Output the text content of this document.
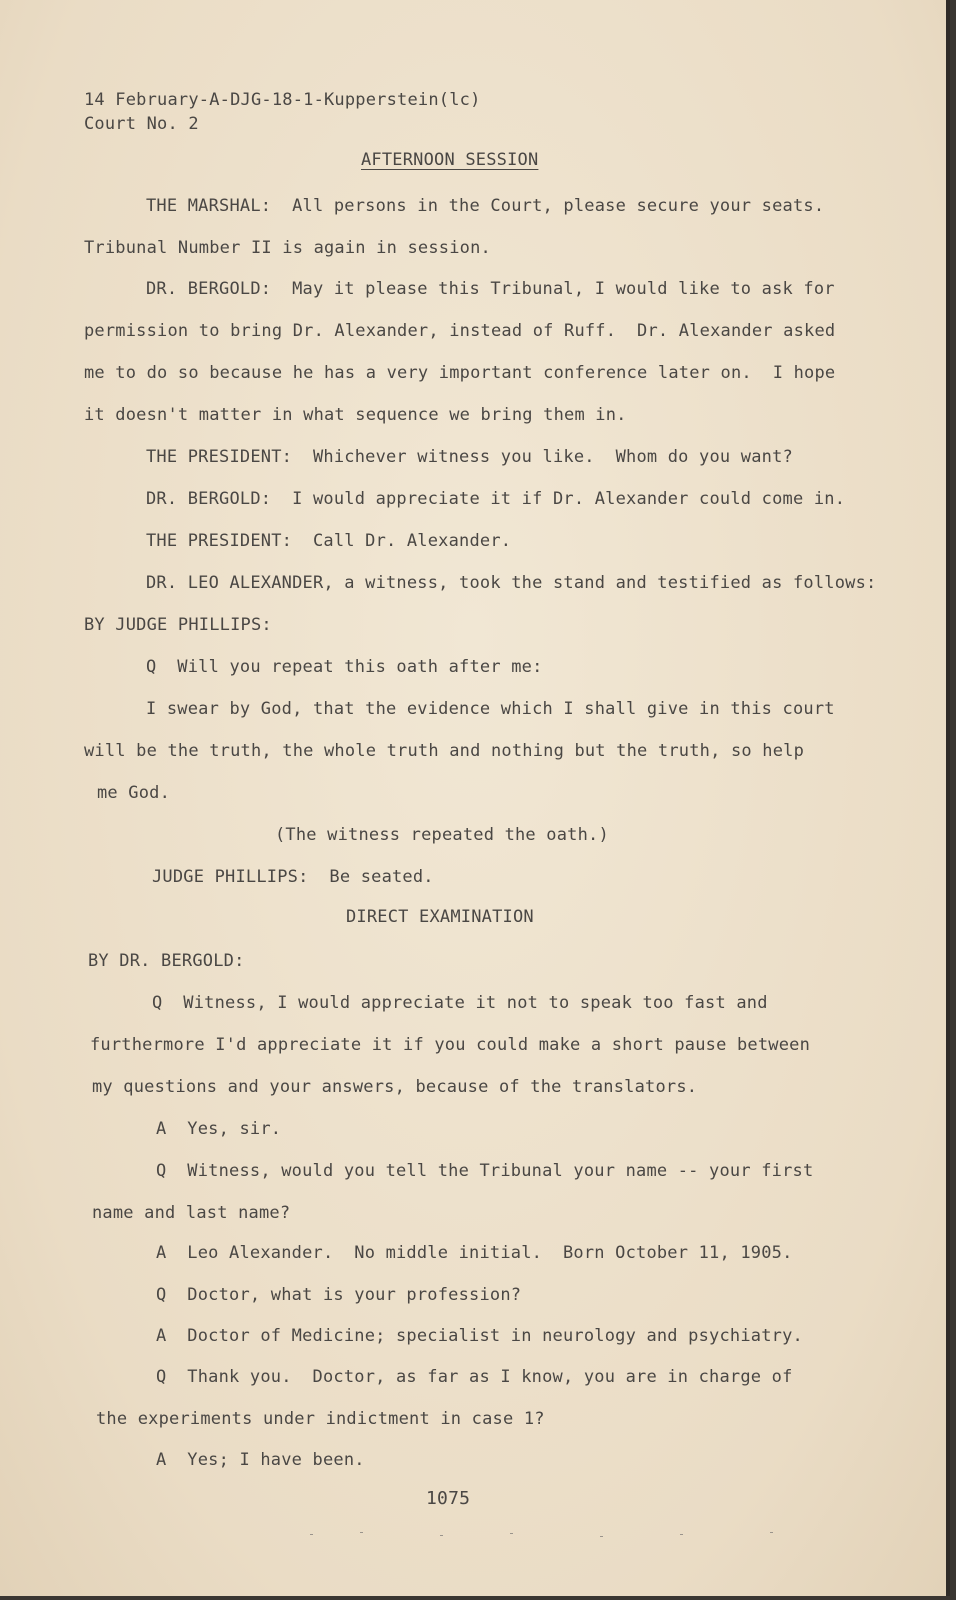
14 February-A-DJG-18-1-Kupperstein(lc)
Court No. 2
AFTERNOON SESSION
THE MARSHAL:  All persons in the Court, please secure your seats.
Tribunal Number II is again in session.
DR. BERGOLD:  May it please this Tribunal, I would like to ask for
permission to bring Dr. Alexander, instead of Ruff.  Dr. Alexander asked
me to do so because he has a very important conference later on.  I hope
it doesn't matter in what sequence we bring them in.
THE PRESIDENT:  Whichever witness you like.  Whom do you want?
DR. BERGOLD:  I would appreciate it if Dr. Alexander could come in.
THE PRESIDENT:  Call Dr. Alexander.
DR. LEO ALEXANDER, a witness, took the stand and testified as follows:
BY JUDGE PHILLIPS:
Q  Will you repeat this oath after me:
I swear by God, that the evidence which I shall give in this court
will be the truth, the whole truth and nothing but the truth, so help
me God.
(The witness repeated the oath.)
JUDGE PHILLIPS:  Be seated.
DIRECT EXAMINATION
BY DR. BERGOLD:
Q  Witness, I would appreciate it not to speak too fast and
furthermore I'd appreciate it if you could make a short pause between
my questions and your answers, because of the translators.
A  Yes, sir.
Q  Witness, would you tell the Tribunal your name -- your first
name and last name?
A  Leo Alexander.  No middle initial.  Born October 11, 1905.
Q  Doctor, what is your profession?
A  Doctor of Medicine; specialist in neurology and psychiatry.
Q  Thank you.  Doctor, as far as I know, you are in charge of
the experiments under indictment in case 1?
A  Yes; I have been.
1075
